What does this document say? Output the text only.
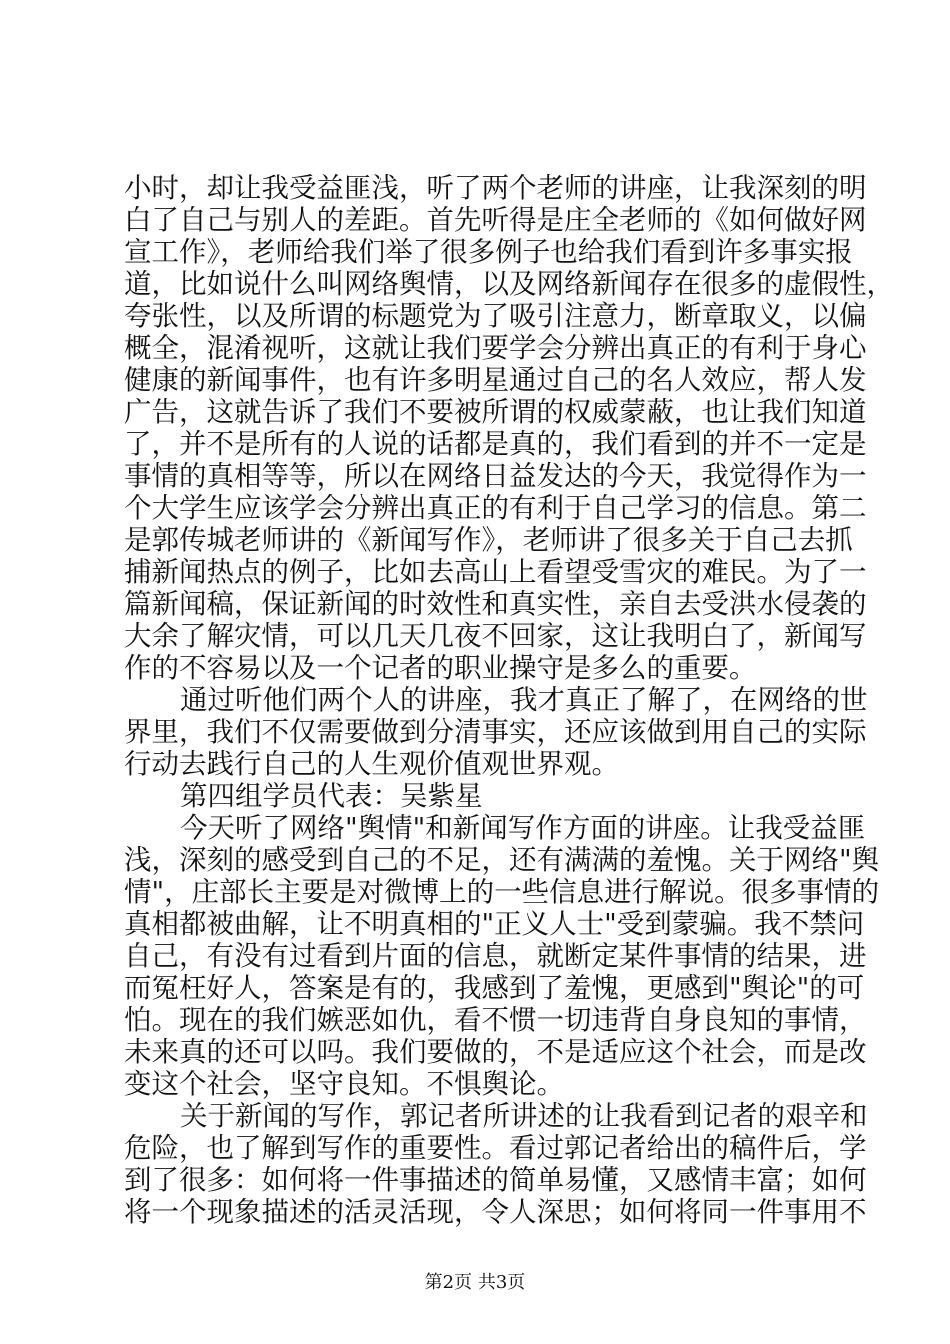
小时，却让我受益匪浅，听了两个老师的讲座，让我深刻的明
白了自己与别人的差距。首先听得是庄全老师的《如何做好网
宣工作》，老师给我们举了很多例子也给我们看到许多事实报
道，比如说什么叫网络舆情，以及网络新闻存在很多的虚假性，
夸张性，以及所谓的标题党为了吸引注意力，断章取义，以偏
概全，混淆视听，这就让我们要学会分辨出真正的有利于身心
健康的新闻事件，也有许多明星通过自己的名人效应，帮人发
广告，这就告诉了我们不要被所谓的权威蒙蔽，也让我们知道
了，并不是所有的人说的话都是真的，我们看到的并不一定是
事情的真相等等，所以在网络日益发达的今天，我觉得作为一
个大学生应该学会分辨出真正的有利于自己学习的信息。第二
是郭传城老师讲的《新闻写作》，老师讲了很多关于自己去抓
捕新闻热点的例子，比如去高山上看望受雪灾的难民。为了一
篇新闻稿，保证新闻的时效性和真实性，亲自去受洪水侵袭的
大余了解灾情，可以几天几夜不回家，这让我明白了，新闻写
作的不容易以及一个记者的职业操守是多么的重要。
通过听他们两个人的讲座，我才真正了解了，在网络的世
界里，我们不仅需要做到分清事实，还应该做到用自己的实际
行动去践行自己的人生观价值观世界观。
第四组学员代表：吴紫星
今天听了网络"舆情"和新闻写作方面的讲座。让我受益匪
浅，深刻的感受到自己的不足，还有满满的羞愧。关于网络"舆
情"，庄部长主要是对微博上的一些信息进行解说。很多事情的
真相都被曲解，让不明真相的"正义人士"受到蒙骗。我不禁问
自己，有没有过看到片面的信息，就断定某件事情的结果，进
而冤枉好人，答案是有的，我感到了羞愧，更感到"舆论"的可
怕。现在的我们嫉恶如仇，看不惯一切违背自身良知的事情，
未来真的还可以吗。我们要做的，不是适应这个社会，而是改
变这个社会，坚守良知。不惧舆论。
关于新闻的写作，郭记者所讲述的让我看到记者的艰辛和
危险，也了解到写作的重要性。看过郭记者给出的稿件后，学
到了很多：如何将一件事描述的简单易懂，又感情丰富；如何
将一个现象描述的活灵活现，令人深思；如何将同一件事用不
第2页 共3页
